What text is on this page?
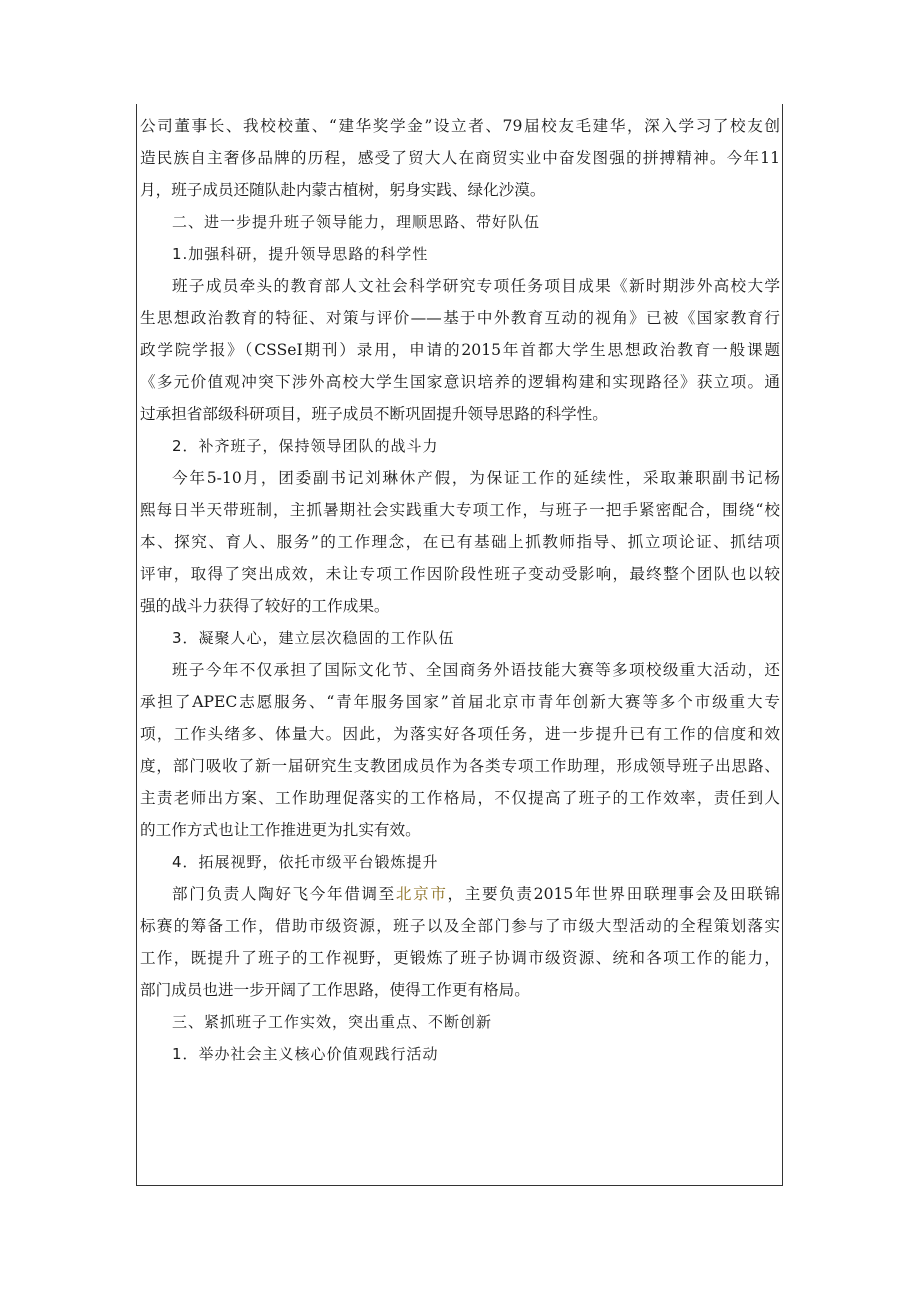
公司董事长、我校校董、“建华奖学金”设立者、79届校友毛建华，深入学习了校友创
造民族自主奢侈品牌的历程，感受了贸大人在商贸实业中奋发图强的拼搏精神。今年11
月，班子成员还随队赴内蒙古植树，躬身实践、绿化沙漠。
二、进一步提升班子领导能力，理顺思路、带好队伍
1.加强科研，提升领导思路的科学性
班子成员牵头的教育部人文社会科学研究专项任务项目成果《新时期涉外高校大学
生思想政治教育的特征、对策与评价——基于中外教育互动的视角》已被《国家教育行
政学院学报》（CSSeI期刊）录用，申请的2015年首都大学生思想政治教育一般课题
《多元价值观冲突下涉外高校大学生国家意识培养的逻辑构建和实现路径》获立项。通
过承担省部级科研项目，班子成员不断巩固提升领导思路的科学性。
2．补齐班子，保持领导团队的战斗力
今年5-10月，团委副书记刘琳休产假，为保证工作的延续性，采取兼职副书记杨
熙每日半天带班制，主抓暑期社会实践重大专项工作，与班子一把手紧密配合，围绕“校
本、探究、育人、服务”的工作理念，在已有基础上抓教师指导、抓立项论证、抓结项
评审，取得了突出成效，未让专项工作因阶段性班子变动受影响，最终整个团队也以较
强的战斗力获得了较好的工作成果。
3．凝聚人心，建立层次稳固的工作队伍
班子今年不仅承担了国际文化节、全国商务外语技能大赛等多项校级重大活动，还
承担了APEC志愿服务、“青年服务国家”首届北京市青年创新大赛等多个市级重大专
项，工作头绪多、体量大。因此，为落实好各项任务，进一步提升已有工作的信度和效
度，部门吸收了新一届研究生支教团成员作为各类专项工作助理，形成领导班子出思路、
主责老师出方案、工作助理促落实的工作格局，不仅提高了班子的工作效率，责任到人
的工作方式也让工作推进更为扎实有效。
4．拓展视野，依托市级平台锻炼提升
部门负责人陶好飞今年借调至北京市，主要负责2015年世界田联理事会及田联锦
标赛的筹备工作，借助市级资源，班子以及全部门参与了市级大型活动的全程策划落实
工作，既提升了班子的工作视野，更锻炼了班子协调市级资源、统和各项工作的能力，
部门成员也进一步开阔了工作思路，使得工作更有格局。
三、紧抓班子工作实效，突出重点、不断创新
1．举办社会主义核心价值观践行活动
